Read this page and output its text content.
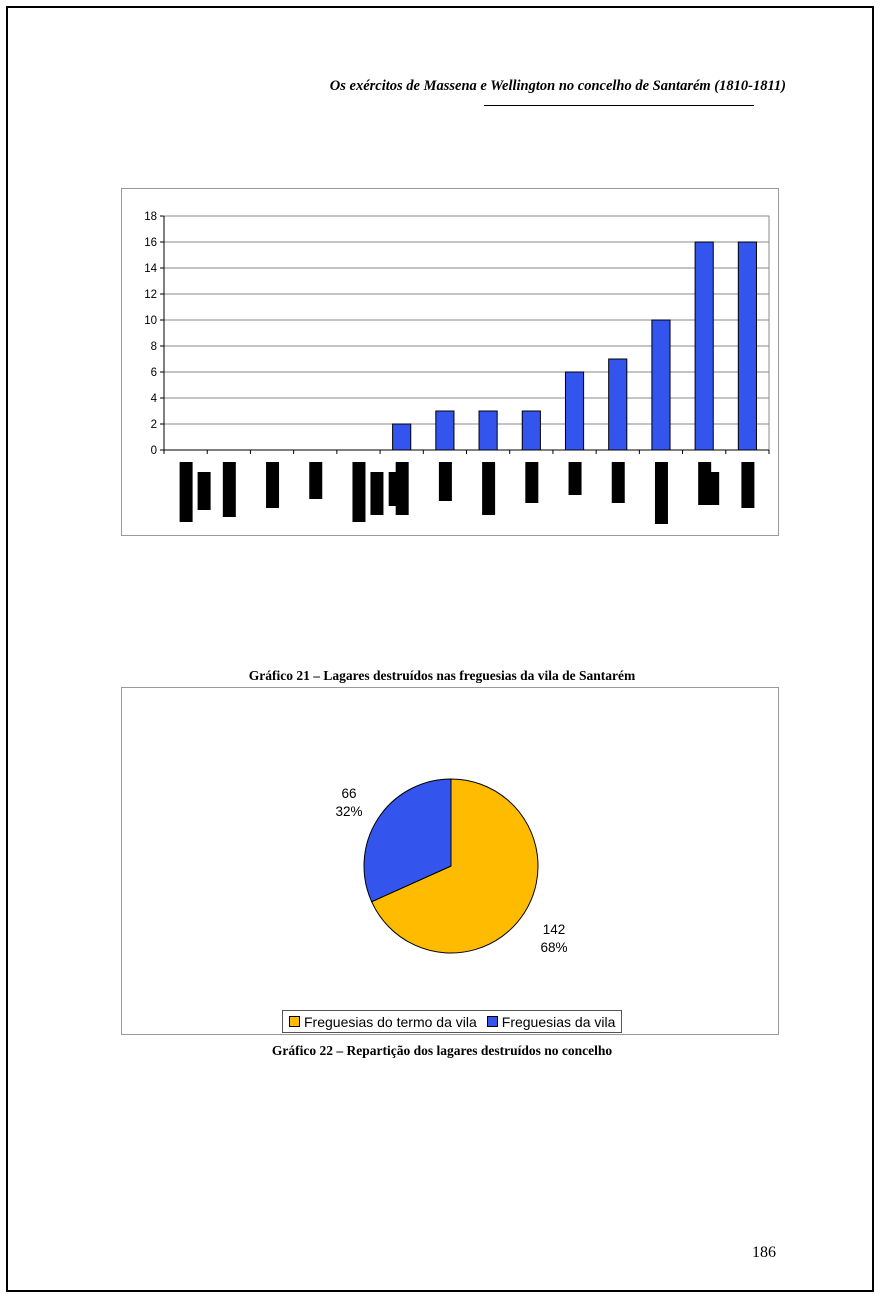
Os exércitos de Massena e Wellington no concelho de Santarém (1810-1811)
0
2
4
6
8
10
12
14
16
18
Gráfico 21 – Lagares destruídos nas freguesias da vila de Santarém
142
68%
66
32%
Freguesias do termo da vila Freguesias da vila
Gráfico 22 – Repartição dos lagares destruídos no concelho
186
